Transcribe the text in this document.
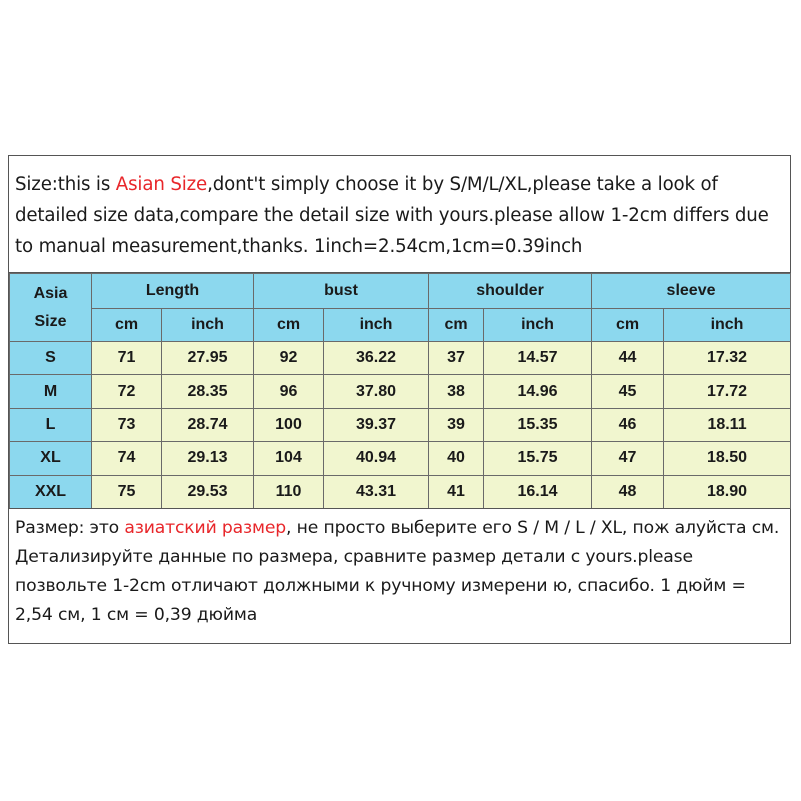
Size:this is Asian Size,dont't simply choose it by S/M/L/XL,please take a look of detailed size data,compare the detail size with yours.please allow 1-2cm differs due to manual measurement,thanks. 1inch=2.54cm,1cm=0.39inch
Asia
Size	Length		bust		shoulder		sleeve	
	cm	inch	cm	inch	cm	inch	cm	inch
S	71	27.95	92	36.22	37	14.57	44	17.32
M	72	28.35	96	37.80	38	14.96	45	17.72
L	73	28.74	100	39.37	39	15.35	46	18.11
XL	74	29.13	104	40.94	40	15.75	47	18.50
XXL	75	29.53	110	43.31	41	16.14	48	18.90
Размер: это азиатский размер, не просто выберите его S / M / L / XL, пож алуйста см. Детализируйте данные по размера, сравните размер детали с yours.please позвольте 1-2cm отличают должными к ручному измерени ю, спасибо. 1 дюйм = 2,54 см, 1 см = 0,39 дюйма
